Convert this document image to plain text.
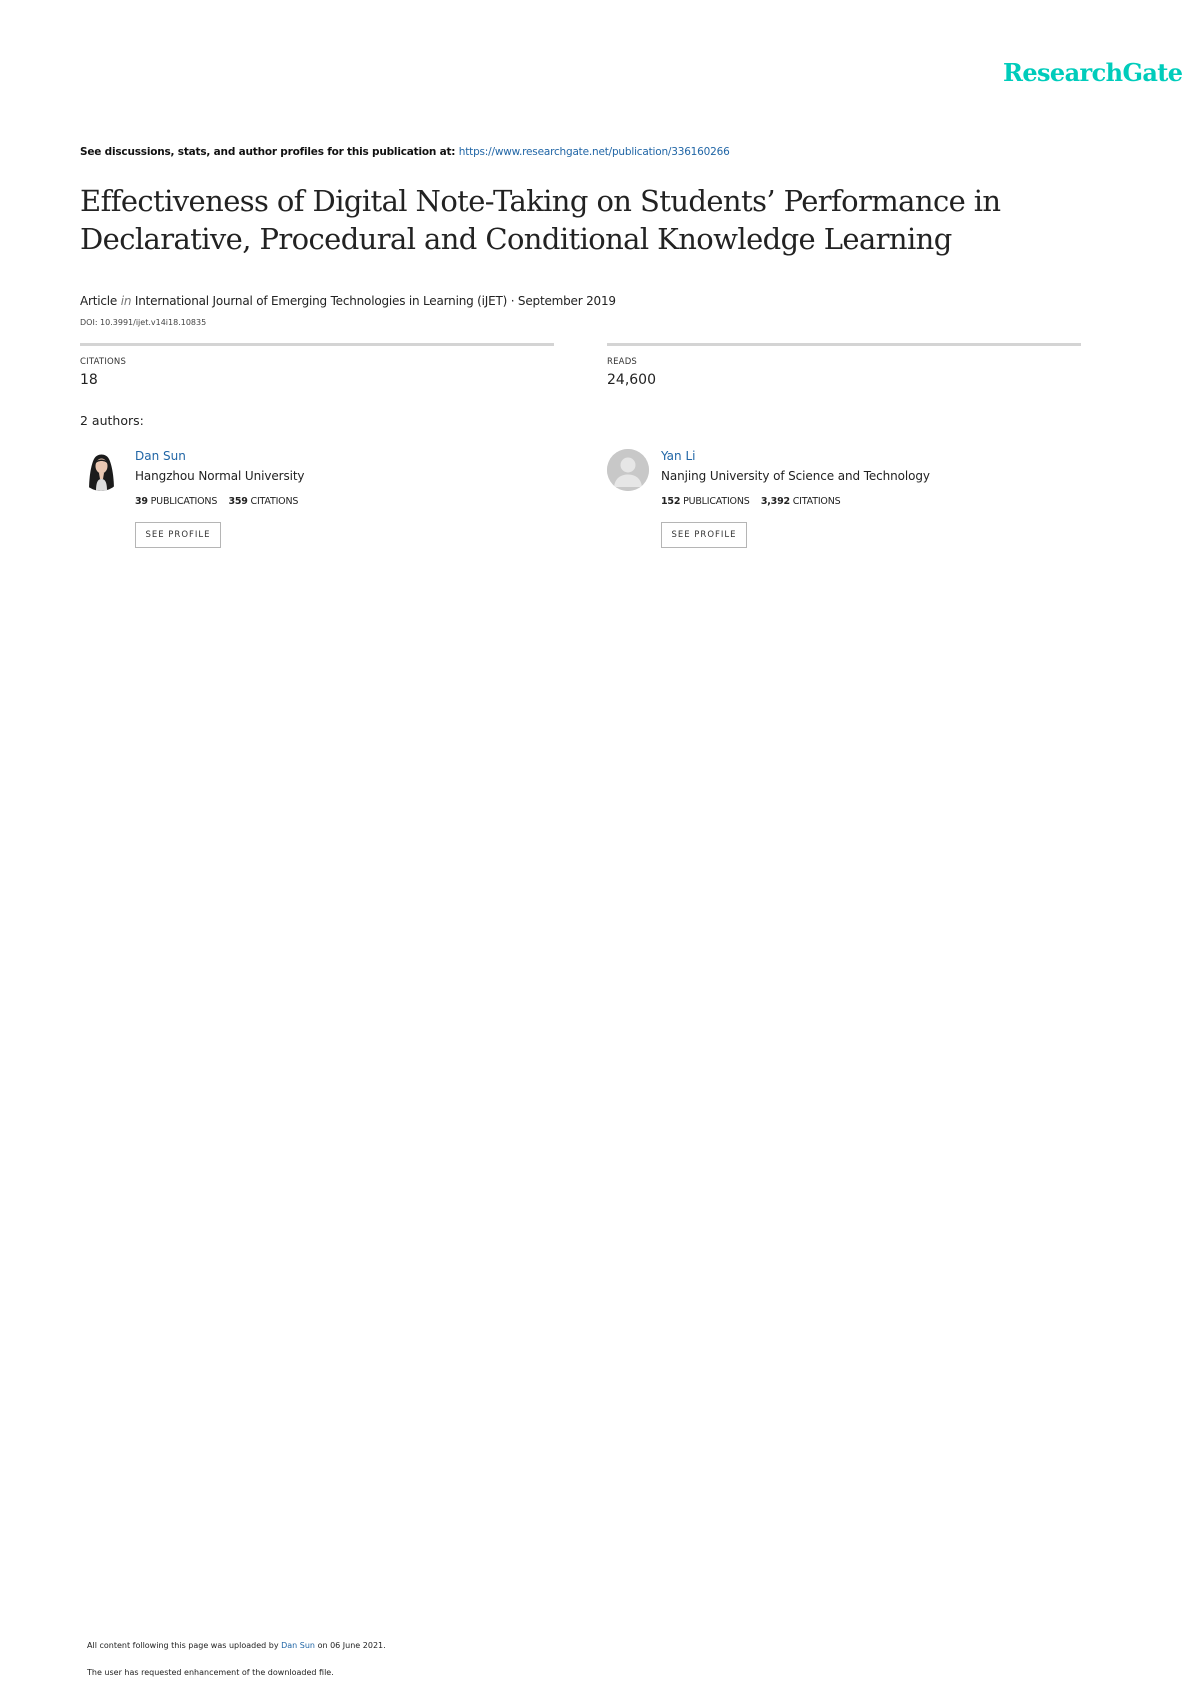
ResearchGate
See discussions, stats, and author profiles for this publication at: https://www.researchgate.net/publication/336160266
Effectiveness of Digital Note-Taking on Students’ Performance in Declarative, Procedural and Conditional Knowledge Learning
Article in International Journal of Emerging Technologies in Learning (iJET) · September 2019
DOI: 10.3991/ijet.v14i18.10835
CITATIONS
18
READS
24,600
2 authors:
Dan Sun
Hangzhou Normal University
39 PUBLICATIONS 359 CITATIONS
SEE PROFILE
Yan Li
Nanjing University of Science and Technology
152 PUBLICATIONS 3,392 CITATIONS
SEE PROFILE
All content following this page was uploaded by Dan Sun on 06 June 2021.
The user has requested enhancement of the downloaded file.
